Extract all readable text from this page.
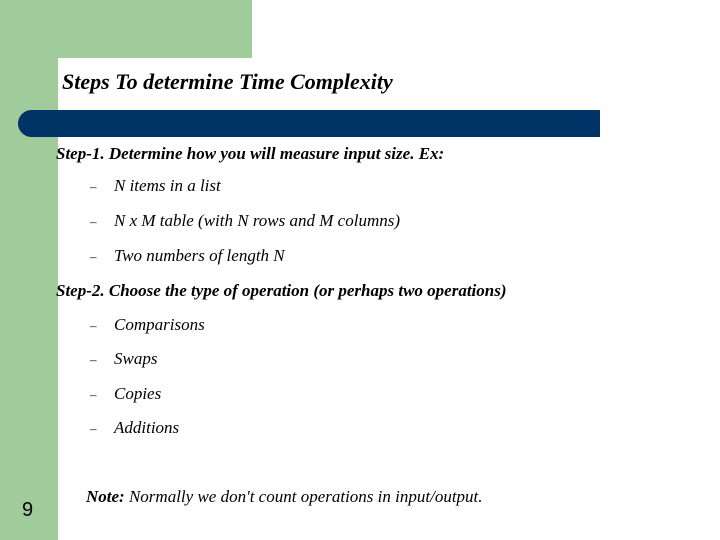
Steps To determine Time Complexity
Step-1. Determine how you will measure input size. Ex:
– N items in a list
– N x M table (with N rows and M columns)
– Two numbers of length N
Step-2. Choose the type of operation (or perhaps two operations)
– Comparisons
– Swaps
– Copies
– Additions
Note: Normally we don't count operations in input/output.
9
